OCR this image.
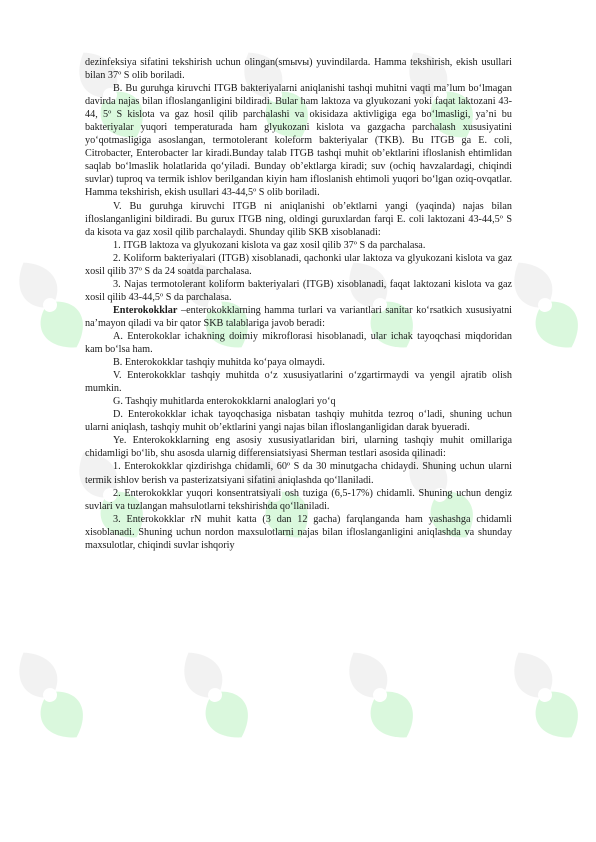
dezinfeksiya sifatini tekshirish uchun olingan(smыvы) yuvindilarda. Hamma tekshirish, ekish usullari bilan 37º S olib boriladi.

B. Bu guruhga kiruvchi ITGB bakteriyalarni aniqlanishi tashqi muhitni vaqti ma’lum bo‘lmagan davirda najas bilan ifloslanganligini bildiradi. Bular ham laktoza va glyukozani yoki faqat laktozani 43-44, 5º S kislota va gaz hosil qilib parchalashi va okisidaza aktivligiga ega bo‘lmasligi, ya’ni bu bakteriyalar yuqori temperaturada ham glyukozani kislota va gazgacha parchalash xususiyatini yo‘qotmasligiga asoslangan, termotolerant koleform bakteriyalar (TKB). Bu ITGB ga E. coli, Citrobacter, Enterobacter lar kiradi.Bunday talab ITGB tashqi muhit ob’ektlarini ifloslanish ehtimlidan saqlab bo‘lmaslik holatlarida qo‘yiladi. Bunday ob’ektlarga kiradi; suv (ochiq havzalardagi, chiqindi suvlar) tuproq va termik ishlov berilgandan kiyin ham ifloslanish ehtimoli yuqori bo‘lgan oziq-ovqatlar. Hamma tekshirish, ekish usullari 43-44,5º S olib boriladi.

V. Bu guruhga kiruvchi ITGB ni aniqlanishi ob’ektlarni yangi (yaqinda) najas bilan ifloslanganligini bildiradi. Bu gurux ITGB ning, oldingi guruxlardan farqi E. coli laktozani 43-44,5º S da kisota va gaz xosil qilib parchalaydi. Shunday qilib SKB xisoblanadi:

1. ITGB laktoza va glyukozani kislota va gaz xosil qilib 37º S da parchalasa.

2. Koliform bakteriyalari (ITGB) xisoblanadi, qachonki ular laktoza va glyukozani kislota va gaz xosil qilib 37º S da 24 soatda parchalasa.

3. Najas termotolerant koliform bakteriyalari (ITGB) xisoblanadi, faqat laktozani kislota va gaz xosil qilib 43-44,5º S da parchalasa.

Enterokokklar –enterokokklarning hamma turlari va variantlari sanitar ko‘rsatkich xususiyatni na’mayon qiladi va bir qator SKB talablariga javob beradi:

A. Enterokoklar ichakning doimiy mikroflorasi hisoblanadi, ular ichak tayoqchasi miqdoridan kam bo‘lsa ham.

B. Enterokokklar tashqiy muhitda ko‘paya olmaydi.

V. Enterokokklar tashqiy muhitda o‘z xususiyatlarini o‘zgartirmaydi va yengil ajratib olish mumkin.

G. Tashqiy muhitlarda enterokokklarni analoglari yo‘q

D. Enterokokklar ichak tayoqchasiga nisbatan tashqiy muhitda tezroq o‘ladi, shuning uchun ularni aniqlash, tashqiy muhit ob’ektlarini yangi najas bilan ifloslanganligidan darak byueradi.

Ye. Enterokokklarning eng asosiy xususiyatlaridan biri, ularning tashqiy muhit omillariga chidamligi bo‘lib, shu asosda ularnig differensiatsiyasi Sherman testlari asosida qilinadi:

1. Enterokokklar qizdirishga chidamli, 60º S da 30 minutgacha chidaydi. Shuning uchun ularni termik ishlov berish va pasterizatsiyani sifatini aniqlashda qo‘llaniladi.

2. Enterokokklar yuqori konsentratsiyali osh tuziga (6,5-17%) chidamli. Shuning uchun dengiz suvlari va tuzlangan mahsulotlarni tekshirishda qo‘llaniladi.

3. Enterokokklar rN muhit katta (3 dan 12 gacha) farqlanganda ham yashashga chidamli xisoblanadi. Shuning uchun nordon maxsulotlarni najas bilan ifloslanganligini aniqlashda va shunday maxsulotlar, chiqindi suvlar ishqoriy
